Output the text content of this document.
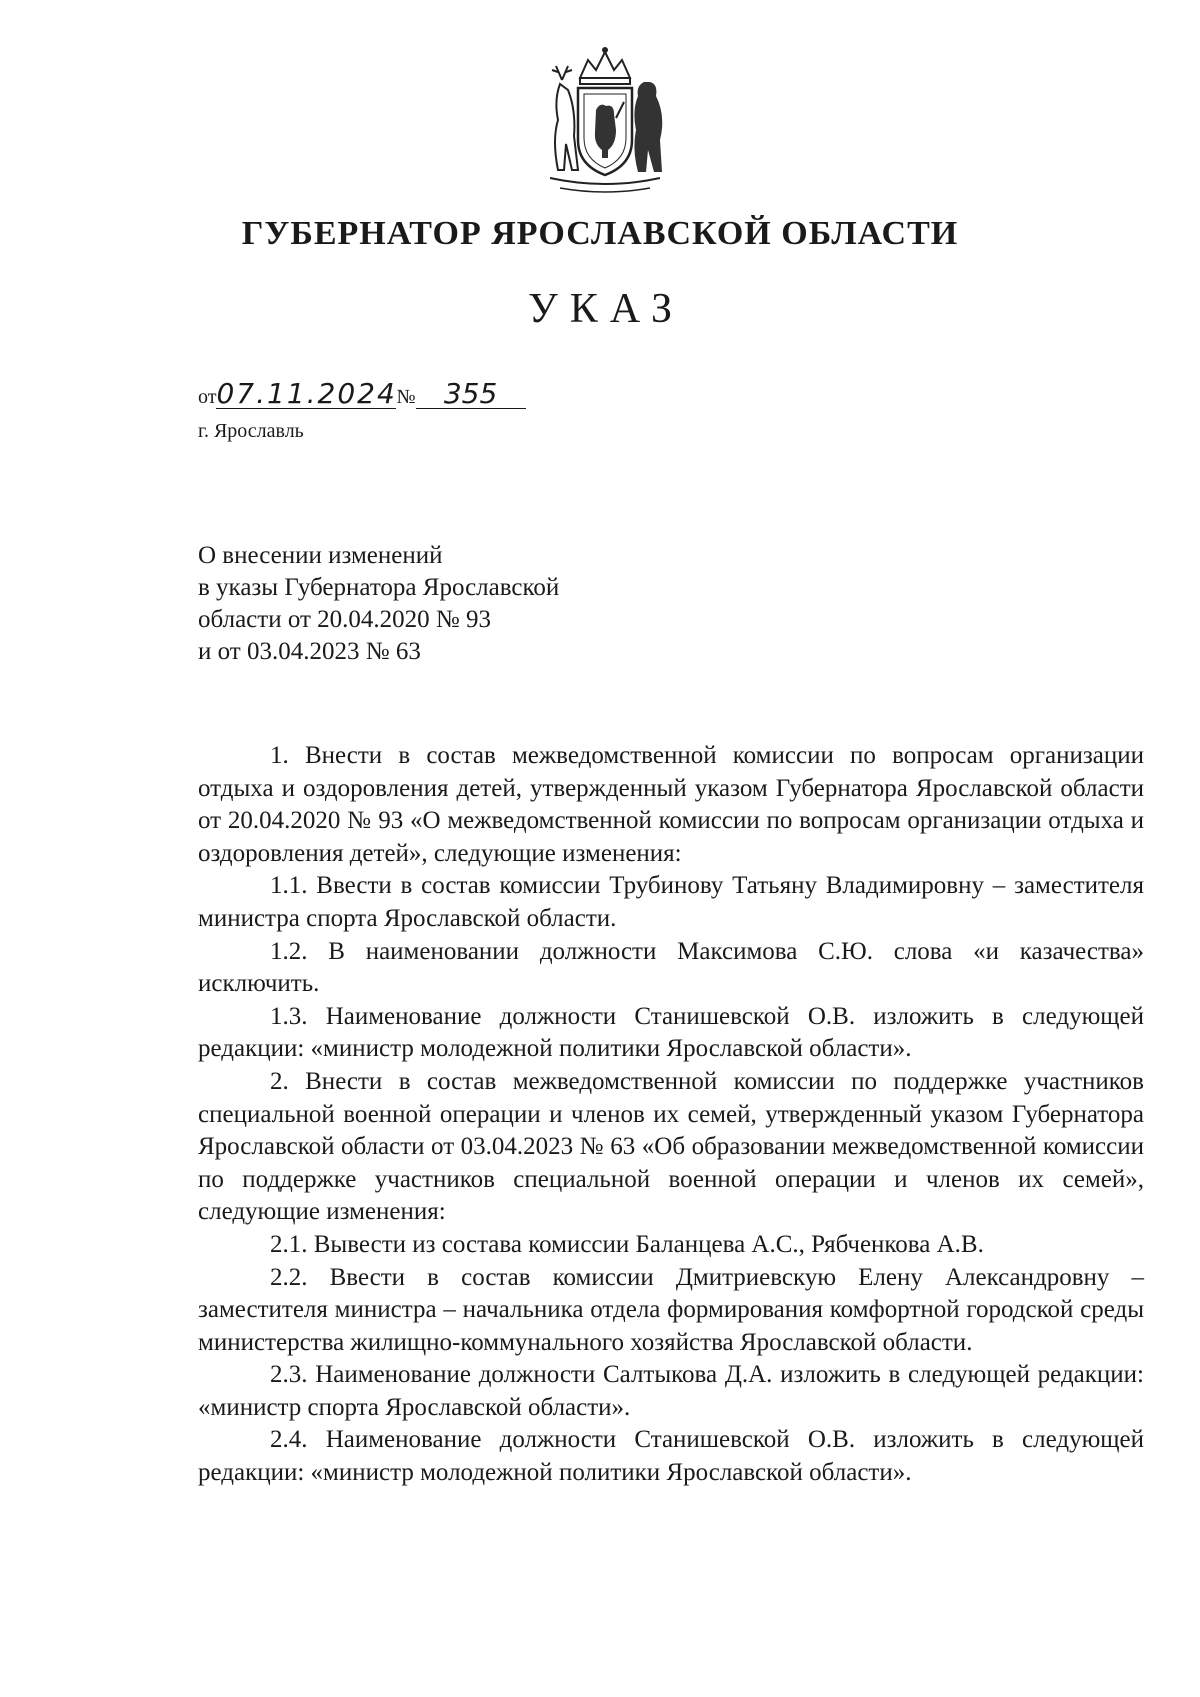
ГУБЕРНАТОР ЯРОСЛАВСКОЙ ОБЛАСТИ
УКАЗ
от07.11.2024№ 355
г. Ярославль
О внесении изменений
в указы Губернатора Ярославской
области от 20.04.2020 № 93
и от 03.04.2023 № 63

1. Внести в состав межведомственной комиссии по вопросам организации отдыха и оздоровления детей, утвержденный указом Губернатора Ярославской области от 20.04.2020 № 93 «О межведомственной комиссии по вопросам организации отдыха и оздоровления детей», следующие изменения:

1.1. Ввести в состав комиссии Трубинову Татьяну Владимировну – заместителя министра спорта Ярославской области.

1.2. В наименовании должности Максимова С.Ю. слова «и казачества» исключить.

1.3. Наименование должности Станишевской О.В. изложить в следующей редакции: «министр молодежной политики Ярославской области».

2. Внести в состав межведомственной комиссии по поддержке участников специальной военной операции и членов их семей, утвержденный указом Губернатора Ярославской области от 03.04.2023 № 63 «Об образовании межведомственной комиссии по поддержке участников специальной военной операции и членов их семей», следующие изменения:

2.1. Вывести из состава комиссии Баланцева А.С., Рябченкова А.В.

2.2. Ввести в состав комиссии Дмитриевскую Елену Александровну – заместителя министра – начальника отдела формирования комфортной городской среды министерства жилищно-коммунального хозяйства Ярославской области.

2.3. Наименование должности Салтыкова Д.А. изложить в следующей редакции: «министр спорта Ярославской области».

2.4. Наименование должности Станишевской О.В. изложить в следующей редакции: «министр молодежной политики Ярославской области».
